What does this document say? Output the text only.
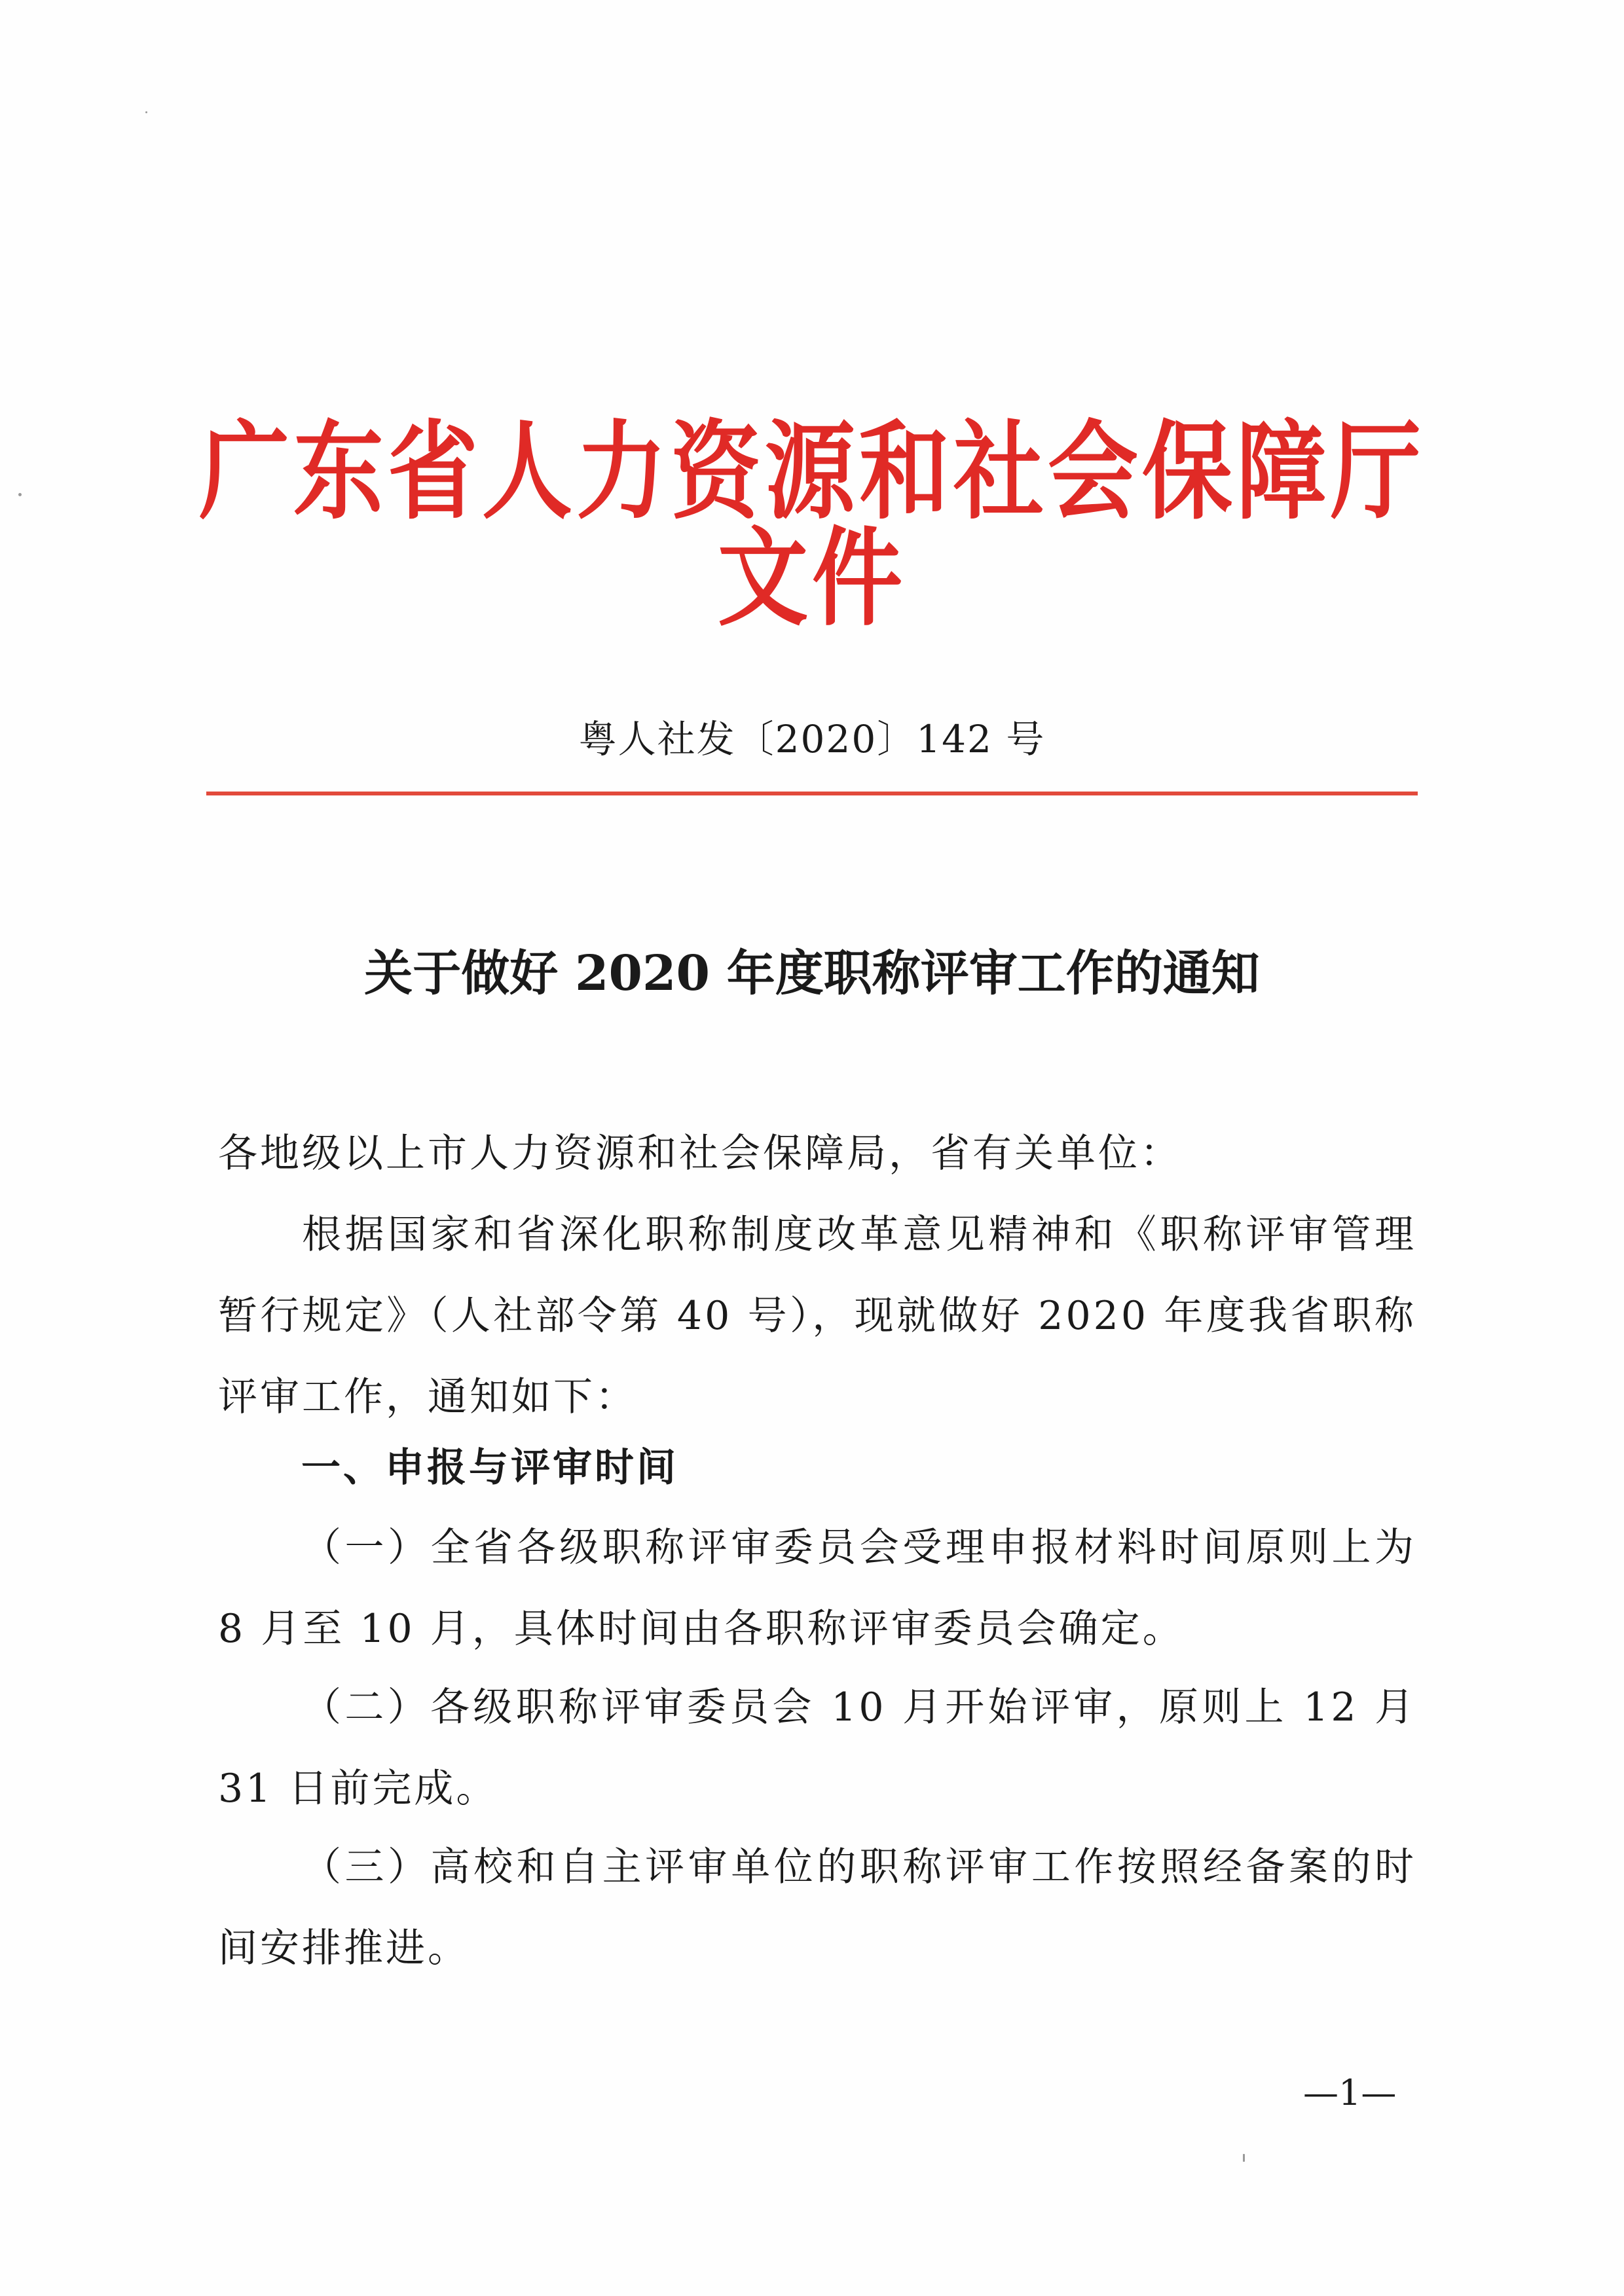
广东省人力资源和社会保障厅文件
粤人社发〔2020〕142 号
关于做好 2020 年度职称评审工作的通知
各地级以上市人力资源和社会保障局，省有关单位：
根据国家和省深化职称制度改革意见精神和《职称评审管理暂行规定》（人社部令第 40 号），现就做好 2020 年度我省职称评审工作，通知如下：
一、申报与评审时间
（一）全省各级职称评审委员会受理申报材料时间原则上为 8 月至 10 月，具体时间由各职称评审委员会确定。
（二）各级职称评审委员会 10 月开始评审，原则上 12 月 31 日前完成。
（三）高校和自主评审单位的职称评审工作按照经备案的时间安排推进。
—1—
